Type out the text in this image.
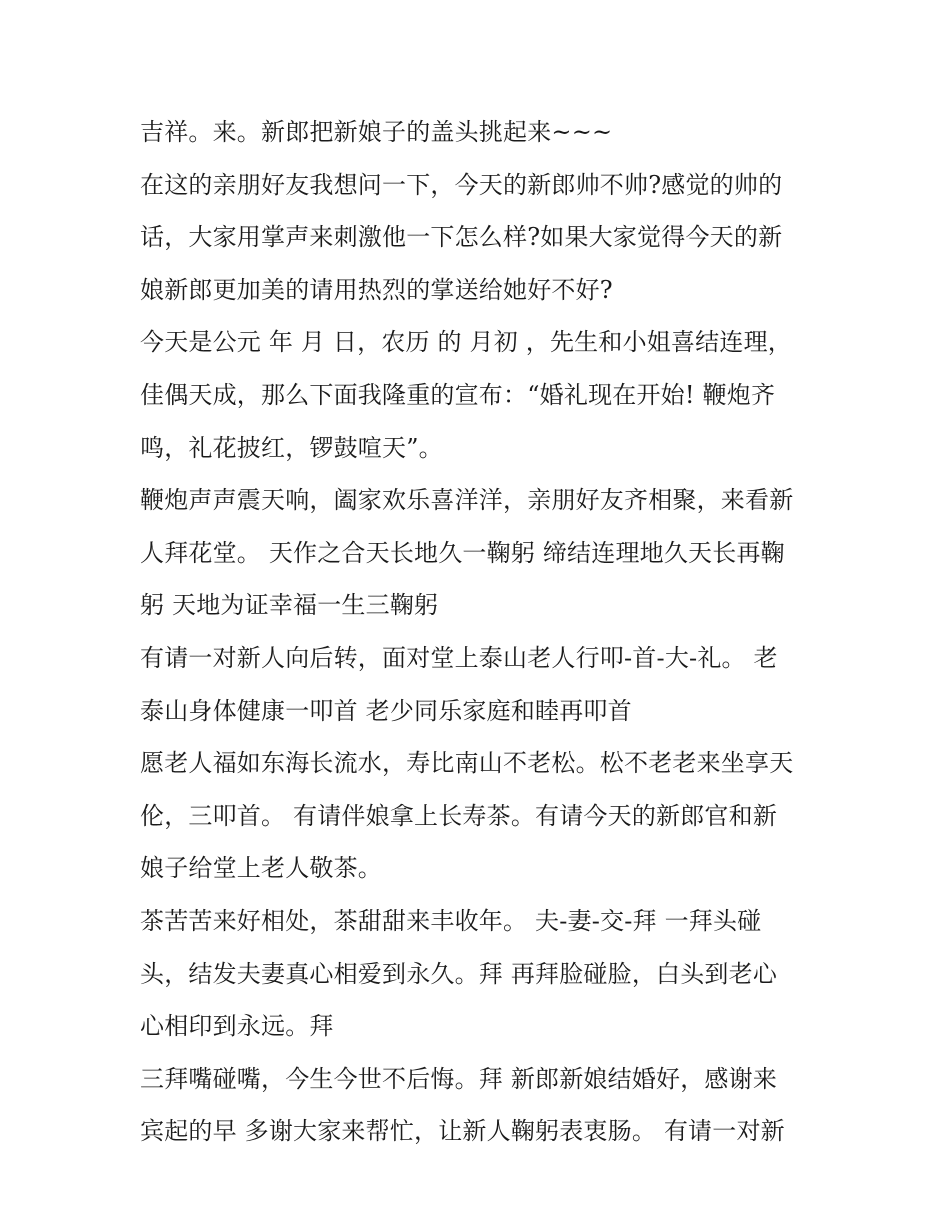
吉祥。来。新郎把新娘子的盖头挑起来~~~
在这的亲朋好友我想问一下，今天的新郎帅不帅?感觉的帅的
话，大家用掌声来刺激他一下怎么样?如果大家觉得今天的新
娘新郎更加美的请用热烈的掌送给她好不好?
今天是公元 年 月 日，农历 的 月初 ，先生和小姐喜结连理，
佳偶天成，那么下面我隆重的宣布：“婚礼现在开始! 鞭炮齐
鸣，礼花披红，锣鼓喧天”。
鞭炮声声震天响，阖家欢乐喜洋洋，亲朋好友齐相聚，来看新
人拜花堂。 天作之合天长地久一鞠躬 缔结连理地久天长再鞠
躬 天地为证幸福一生三鞠躬
有请一对新人向后转，面对堂上泰山老人行叩-首-大-礼。 老
泰山身体健康一叩首 老少同乐家庭和睦再叩首
愿老人福如东海长流水，寿比南山不老松。松不老老来坐享天
伦，三叩首。 有请伴娘拿上长寿茶。有请今天的新郎官和新
娘子给堂上老人敬茶。
茶苦苦来好相处，茶甜甜来丰收年。 夫-妻-交-拜 一拜头碰
头，结发夫妻真心相爱到永久。拜 再拜脸碰脸，白头到老心
心相印到永远。拜
三拜嘴碰嘴，今生今世不后悔。拜 新郎新娘结婚好，感谢来
宾起的早 多谢大家来帮忙，让新人鞠躬表衷肠。 有请一对新
